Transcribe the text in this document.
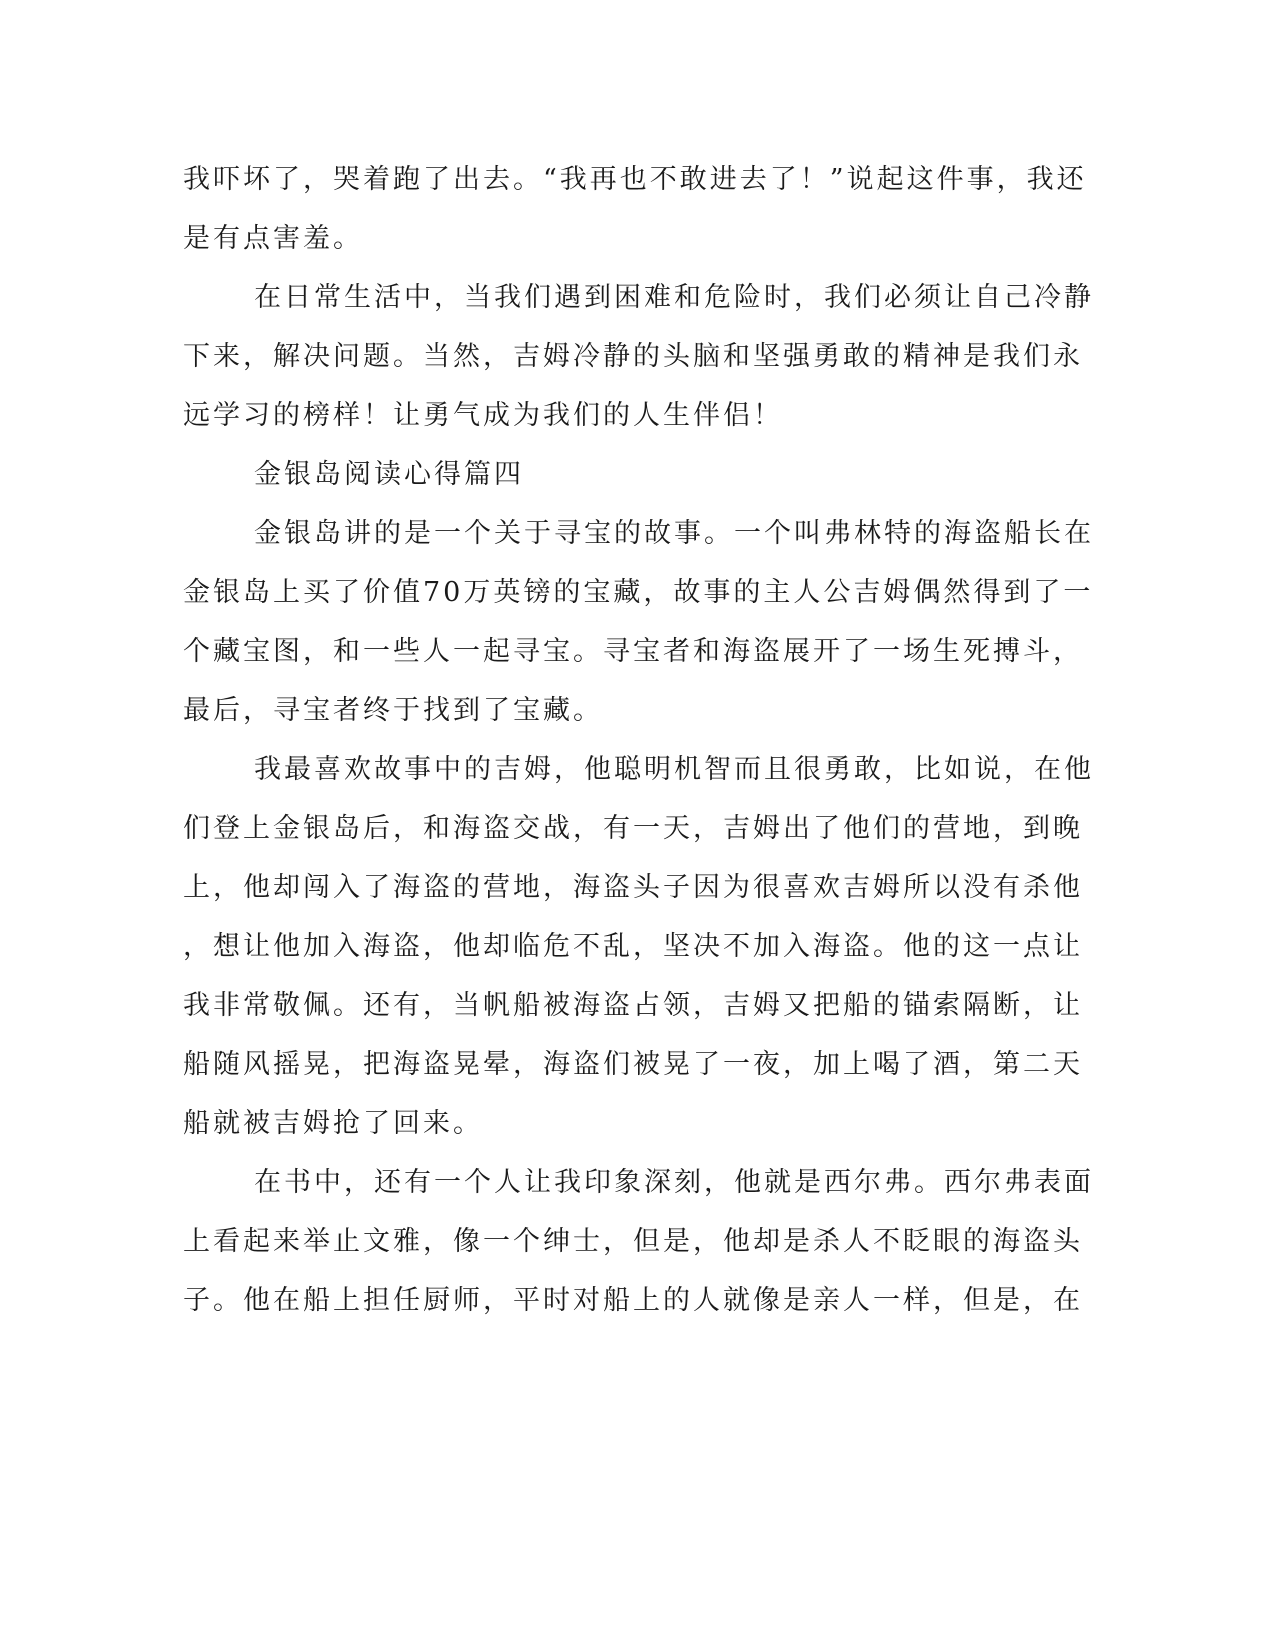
我吓坏了，哭着跑了出去。“我再也不敢进去了！”说起这件事，我还
是有点害羞。
在日常生活中，当我们遇到困难和危险时，我们必须让自己冷静
下来，解决问题。当然，吉姆冷静的头脑和坚强勇敢的精神是我们永
远学习的榜样！让勇气成为我们的人生伴侣！
金银岛阅读心得篇四
金银岛讲的是一个关于寻宝的故事。一个叫弗林特的海盗船长在
金银岛上买了价值70万英镑的宝藏，故事的主人公吉姆偶然得到了一
个藏宝图，和一些人一起寻宝。寻宝者和海盗展开了一场生死搏斗，
最后，寻宝者终于找到了宝藏。
我最喜欢故事中的吉姆，他聪明机智而且很勇敢，比如说，在他
们登上金银岛后，和海盗交战，有一天，吉姆出了他们的营地，到晚
上，他却闯入了海盗的营地，海盗头子因为很喜欢吉姆所以没有杀他
，想让他加入海盗，他却临危不乱，坚决不加入海盗。他的这一点让
我非常敬佩。还有，当帆船被海盗占领，吉姆又把船的锚索隔断，让
船随风摇晃，把海盗晃晕，海盗们被晃了一夜，加上喝了酒，第二天
船就被吉姆抢了回来。
在书中，还有一个人让我印象深刻，他就是西尔弗。西尔弗表面
上看起来举止文雅，像一个绅士，但是，他却是杀人不眨眼的海盗头
子。他在船上担任厨师，平时对船上的人就像是亲人一样，但是，在
